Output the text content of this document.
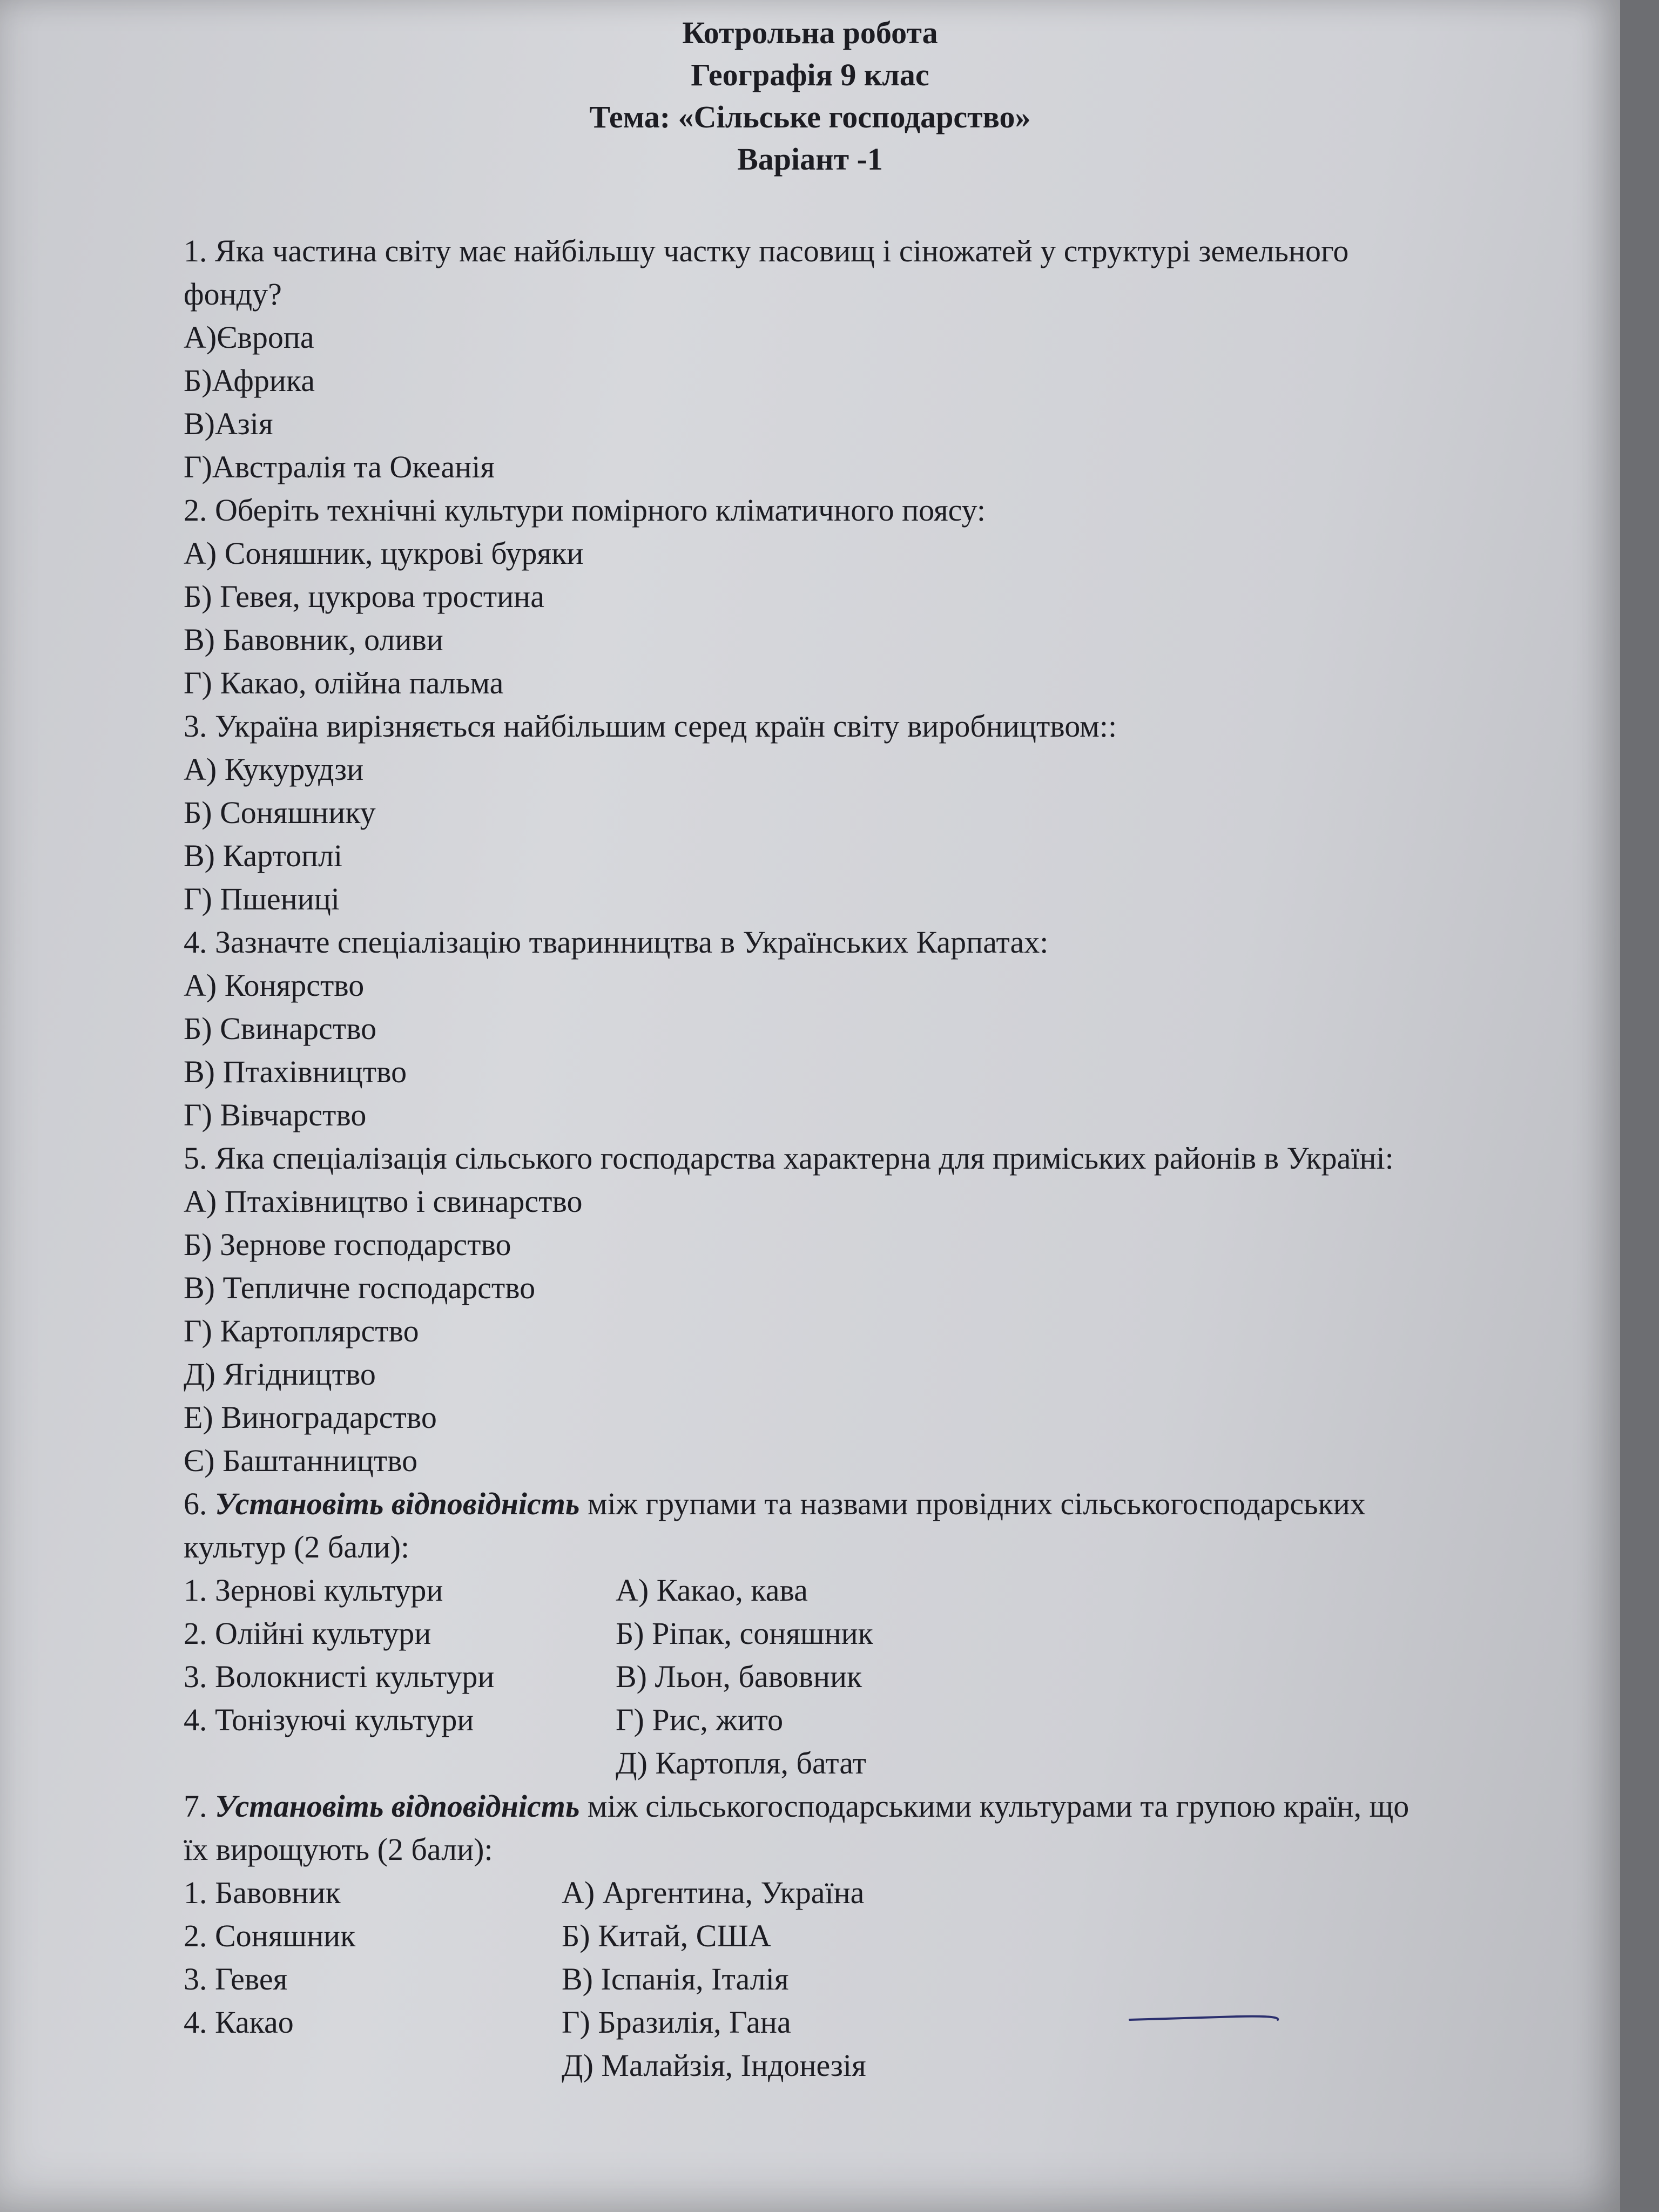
Котрольна робота
Географія 9 клас
Тема: «Сільське господарство»
Варіант -1
1. Яка частина світу має найбільшу частку пасовищ і сіножатей у структурі земельного фонду?
А)Європа
Б)Африка
В)Азія
Г)Австралія та Океанія
2. Оберіть технічні культури помірного кліматичного поясу:
А) Соняшник, цукрові буряки
Б) Гевея, цукрова тростина
В) Бавовник, оливи
Г) Какао, олійна пальма
3. Україна вирізняється найбільшим серед країн світу виробництвом::
А) Кукурудзи
Б) Соняшнику
В) Картоплі
Г) Пшениці
4. Зазначте спеціалізацію тваринництва в Українських Карпатах:
А) Конярство
Б) Свинарство
В) Птахівництво
Г) Вівчарство
5. Яка спеціалізація сільського господарства характерна для приміських районів в Україні:
А) Птахівництво і свинарство
Б) Зернове господарство
В) Тепличне господарство
Г) Картоплярство
Д) Ягідництво
Е) Виноградарство
Є) Баштанництво
6. Установіть відповідність між групами та назвами провідних сільськогосподарських культур (2 бали):
1. Зернові культури	А) Какао, кава
2. Олійні культури	Б) Ріпак, соняшник
3. Волокнисті культури	В) Льон, бавовник
4. Тонізуючі культури	Г) Рис, жито
Д) Картопля, батат
7. Установіть відповідність між сільськогосподарськими культурами та групою країн, що їх вирощують (2 бали):
1. Бавовник	А) Аргентина, Україна
2. Соняшник	Б) Китай, США
3. Гевея	В) Іспанія, Італія
4. Какао	Г) Бразилія, Гана
Д) Малайзія, Індонезія
